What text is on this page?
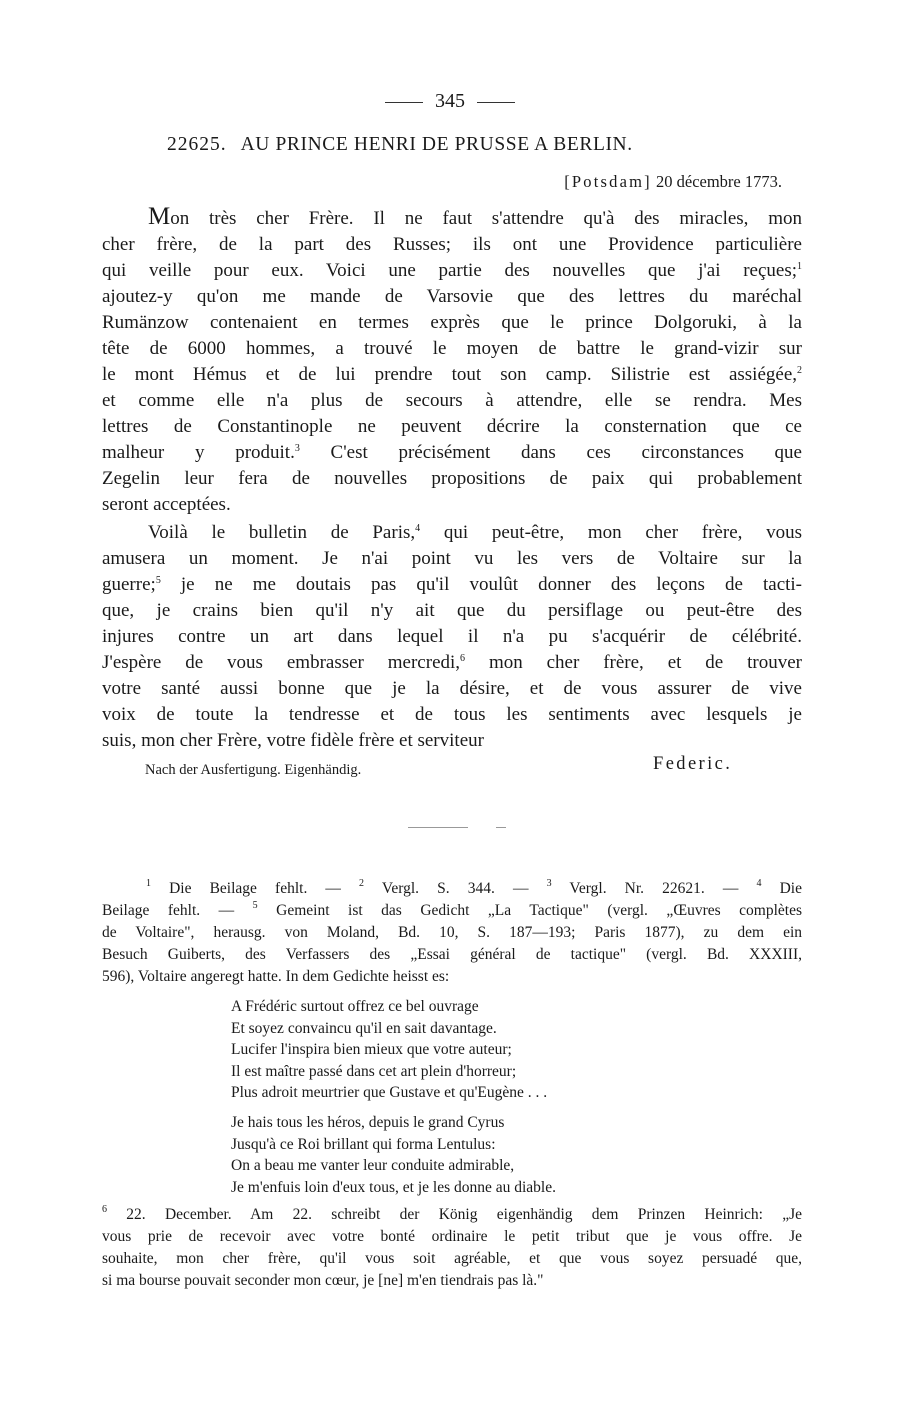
345
22625. AU PRINCE HENRI DE PRUSSE A BERLIN.
[Potsdam] 20 décembre 1773.
Mon très cher Frère. Il ne faut s'attendre qu'à des miracles, mon
cher frère, de la part des Russes; ils ont une Providence particulière
qui veille pour eux. Voici une partie des nouvelles que j'ai reçues;$^1$
ajoutez-y qu'on me mande de Varsovie que des lettres du maréchal
Rumänzow contenaient en termes exprès que le prince Dolgoruki, à la
tête de 6000 hommes, a trouvé le moyen de battre le grand-vizir sur
le mont Hémus et de lui prendre tout son camp. Silistrie est assiégée,$^2$
et comme elle n'a plus de secours à attendre, elle se rendra. Mes
lettres de Constantinople ne peuvent décrire la consternation que ce
malheur y produit.$^3$ C'est précisément dans ces circonstances que
Zegelin leur fera de nouvelles propositions de paix qui probablement
seront acceptées.
Voilà le bulletin de Paris,$^4$ qui peut-être, mon cher frère, vous
amusera un moment. Je n'ai point vu les vers de Voltaire sur la
guerre;$^5$ je ne me doutais pas qu'il voulût donner des leçons de tacti-
que, je crains bien qu'il n'y ait que du persiflage ou peut-être des
injures contre un art dans lequel il n'a pu s'acquérir de célébrité.
J'espère de vous embrasser mercredi,$^6$ mon cher frère, et de trouver
votre santé aussi bonne que je la désire, et de vous assurer de vive
voix de toute la tendresse et de tous les sentiments avec lesquels je
suis, mon cher Frère, votre fidèle frère et serviteur
Nach der Ausfertigung. Eigenhändig.	Federic.
$^1$ Die Beilage fehlt. — $^2$ Vergl. S. 344. — $^3$ Vergl. Nr. 22621. — $^4$ Die
Beilage fehlt. — $^5$ Gemeint ist das Gedicht „La Tactique" (vergl. „Œuvres complètes
de Voltaire", herausg. von Moland, Bd. 10, S. 187—193; Paris 1877), zu dem ein
Besuch Guiberts, des Verfassers des „Essai général de tactique" (vergl. Bd. XXXIII,
596), Voltaire angeregt hatte. In dem Gedichte heisst es:
A Frédéric surtout offrez ce bel ouvrage
Et soyez convaincu qu'il en sait davantage.
Lucifer l'inspira bien mieux que votre auteur;
Il est maître passé dans cet art plein d'horreur;
Plus adroit meurtrier que Gustave et qu'Eugène . . .
Je hais tous les héros, depuis le grand Cyrus
Jusqu'à ce Roi brillant qui forma Lentulus:
On a beau me vanter leur conduite admirable,
Je m'enfuis loin d'eux tous, et je les donne au diable.
$^6$ 22. December. Am 22. schreibt der König eigenhändig dem Prinzen Heinrich: „Je
vous prie de recevoir avec votre bonté ordinaire le petit tribut que je vous offre. Je
souhaite, mon cher frère, qu'il vous soit agréable, et que vous soyez persuadé que,
si ma bourse pouvait seconder mon cœur, je [ne] m'en tiendrais pas là."
